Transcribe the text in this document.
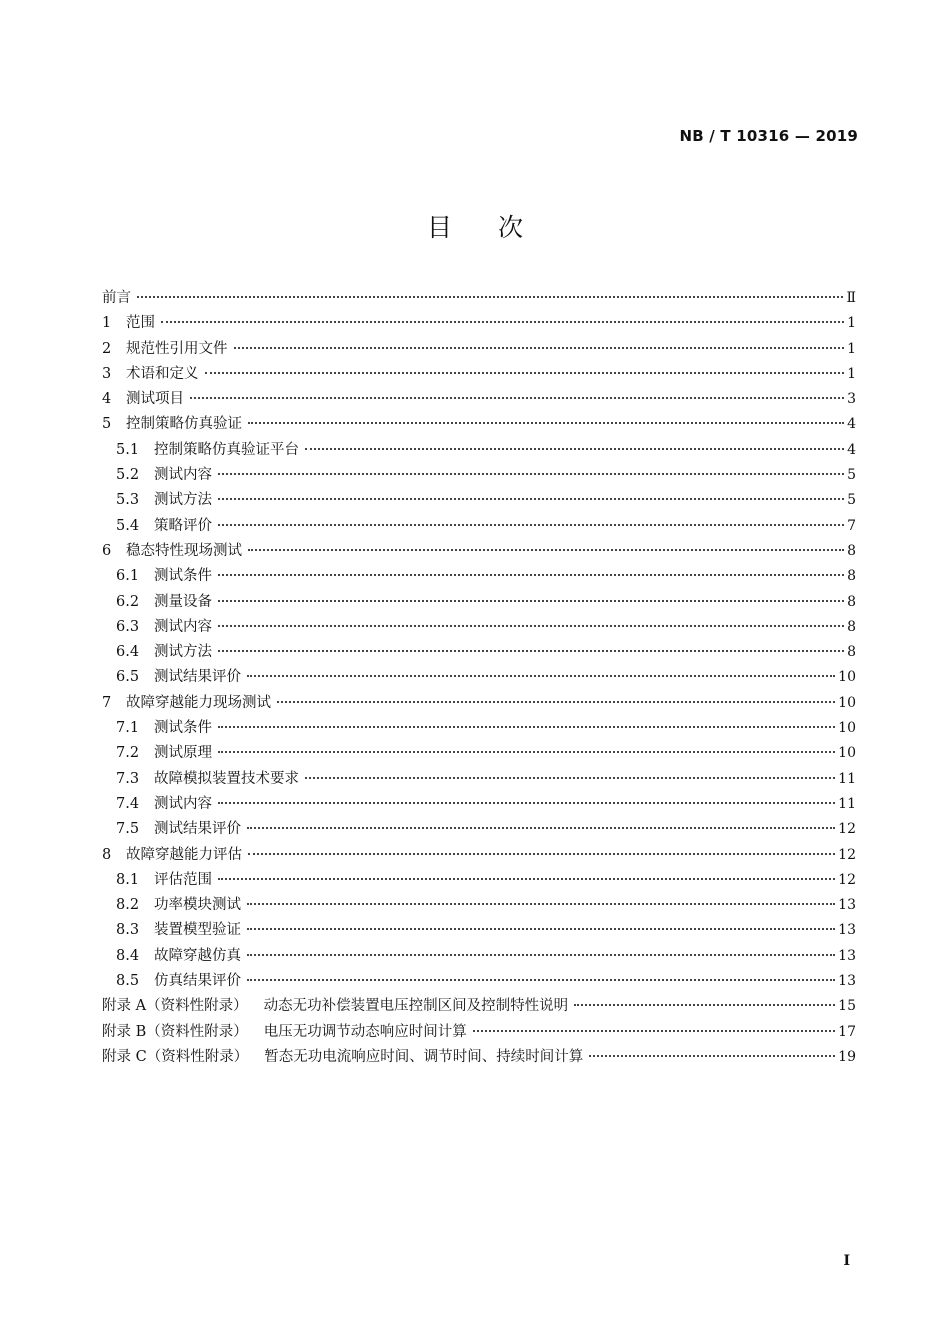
NB / T 10316 — 2019
目次
前言	Ⅱ
1	范围	1
2	规范性引用文件	1
3	术语和定义	1
4	测试项目	3
5	控制策略仿真验证	4
5.1	控制策略仿真验证平台	4
5.2	测试内容	5
5.3	测试方法	5
5.4	策略评价	7
6	稳态特性现场测试	8
6.1	测试条件	8
6.2	测量设备	8
6.3	测试内容	8
6.4	测试方法	8
6.5	测试结果评价	10
7	故障穿越能力现场测试	10
7.1	测试条件	10
7.2	测试原理	10
7.3	故障模拟装置技术要求	11
7.4	测试内容	11
7.5	测试结果评价	12
8	故障穿越能力评估	12
8.1	评估范围	12
8.2	功率模块测试	13
8.3	装置模型验证	13
8.4	故障穿越仿真	13
8.5	仿真结果评价	13
附录 A（资料性附录） 动态无功补偿装置电压控制区间及控制特性说明	15
附录 B（资料性附录） 电压无功调节动态响应时间计算	17
附录 C（资料性附录） 暂态无功电流响应时间、调节时间、持续时间计算	19
I
